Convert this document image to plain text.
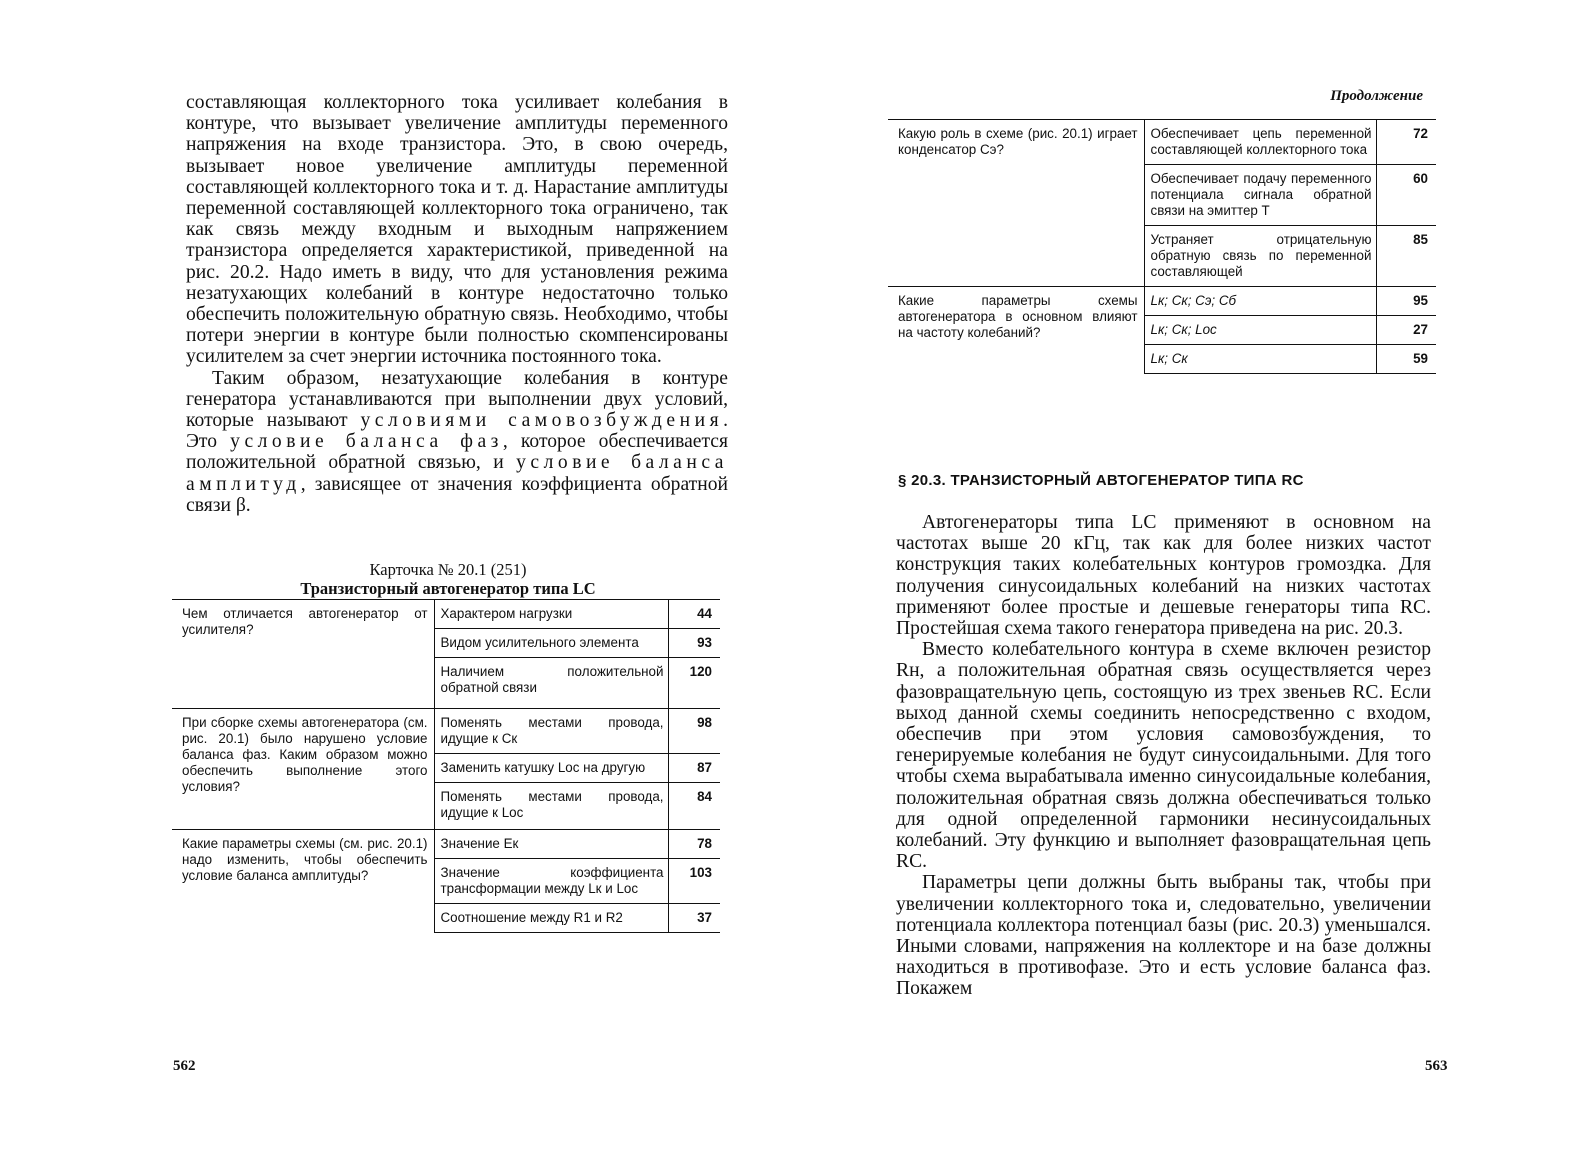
составляющая коллекторного тока усиливает колебания в контуре, что вызывает увеличение амплитуды переменного напряжения на входе транзистора. Это, в свою очередь, вызывает новое увеличение амплитуды переменной составляющей коллекторного тока и т. д. Нарастание амплитуды переменной составляющей коллекторного тока ограничено, так как связь между входным и выходным напряжением транзистора определяется характеристикой, приведенной на рис. 20.2. Надо иметь в виду, что для установления режима незатухающих колебаний в контуре недостаточно только обеспечить положительную обратную связь. Необходимо, чтобы потери энергии в контуре были полностью скомпенсированы усилителем за счет энергии источника постоянного тока.

Таким образом, незатухающие колебания в контуре генератора устанавливаются при выполнении двух условий, которые называют условиями самовозбуждения. Это условие баланса фаз, которое обеспечивается положительной обратной связью, и условие баланса амплитуд, зависящее от значения коэффициента обратной связи β.

Карточка № 20.1 (251)
Транзисторный автогенератор типа LC
Чем отличается автогенератор от усилителя?	Характером нагрузки	44
	Видом усилительного элемента	93
	Наличием положительной обратной связи	120
При сборке схемы автогенератора (см. рис. 20.1) было нарушено условие баланса фаз. Каким образом можно обеспечить выполнение этого условия?	Поменять местами провода, идущие к Cк	98
	Заменить катушку Lос на другую	87
	Поменять местами провода, идущие к Lос	84
Какие параметры схемы (см. рис. 20.1) надо изменить, чтобы обеспечить условие баланса амплитуды?	Значение Eк	78
	Значение коэффициента трансформации между Lк и Lос	103
	Соотношение между R1 и R2	37
562
Продолжение
Какую роль в схеме (рис. 20.1) играет конденсатор Cэ?	Обеспечивает цепь переменной составляющей коллекторного тока	72
	Обеспечивает подачу переменного потенциала сигнала обратной связи на эмиттер T	60
	Устраняет отрицательную обратную связь по переменной составляющей	85
Какие параметры схемы автогенератора в основном влияют на частоту колебаний?	Lк; Cк; Cэ; Cб	95
	Lк; Cк; Lос	27
	Lк; Cк	59
§ 20.3. ТРАНЗИСТОРНЫЙ АВТОГЕНЕРАТОР ТИПА RC

Автогенераторы типа LC применяют в основном на частотах выше 20 кГц, так как для более низких частот конструкция таких колебательных контуров громоздка. Для получения синусоидальных колебаний на низких частотах применяют более простые и дешевые генераторы типа RC. Простейшая схема такого генератора приведена на рис. 20.3.

Вместо колебательного контура в схеме включен резистор Rн, а положительная обратная связь осуществляется через фазовращательную цепь, состоящую из трех звеньев RC. Если выход данной схемы соединить непосредственно с входом, обеспечив при этом условия самовозбуждения, то генерируемые колебания не будут синусоидальными. Для того чтобы схема вырабатывала именно синусоидальные колебания, положительная обратная связь должна обеспечиваться только для одной определенной гармоники несинусоидальных колебаний. Эту функцию и выполняет фазовращательная цепь RC.

Параметры цепи должны быть выбраны так, чтобы при увеличении коллекторного тока и, следовательно, увеличении потенциала коллектора потенциал базы (рис. 20.3) уменьшался. Иными словами, напряжения на коллекторе и на базе должны находиться в противофазе. Это и есть условие баланса фаз. Покажем

563
